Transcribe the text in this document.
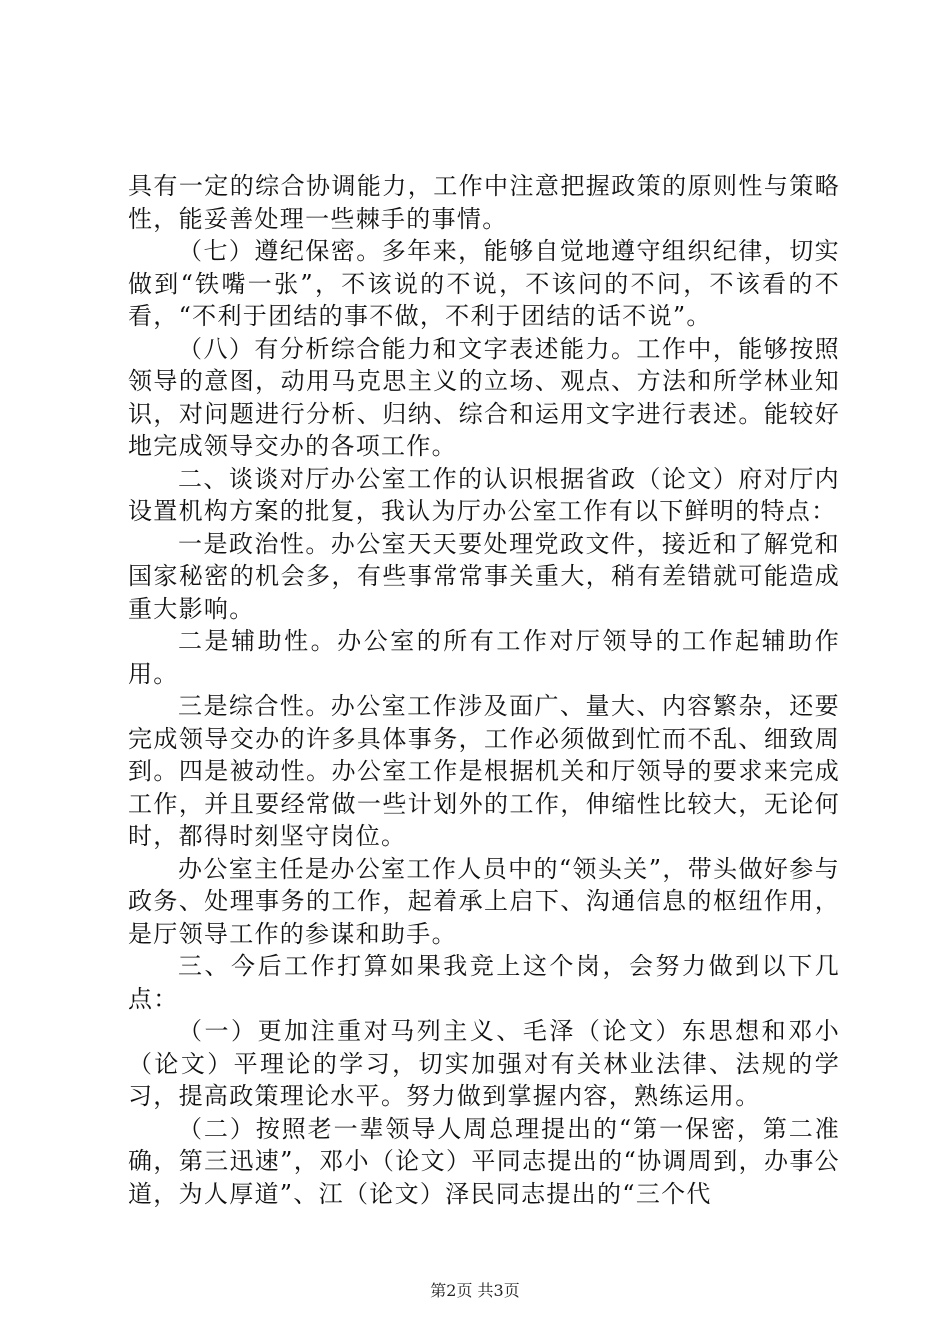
具有一定的综合协调能力，工作中注意把握政策的原则性与策略性，能妥善处理一些棘手的事情。

（七）遵纪保密。多年来，能够自觉地遵守组织纪律，切实做到“铁嘴一张”，不该说的不说，不该问的不问，不该看的不看，“不利于团结的事不做，不利于团结的话不说”。

（八）有分析综合能力和文字表述能力。工作中，能够按照领导的意图，动用马克思主义的立场、观点、方法和所学林业知识，对问题进行分析、归纳、综合和运用文字进行表述。能较好地完成领导交办的各项工作。

二、谈谈对厅办公室工作的认识根据省政（论文）府对厅内设置机构方案的批复，我认为厅办公室工作有以下鲜明的特点：

一是政治性。办公室天天要处理党政文件，接近和了解党和国家秘密的机会多，有些事常常事关重大，稍有差错就可能造成重大影响。

二是辅助性。办公室的所有工作对厅领导的工作起辅助作用。

三是综合性。办公室工作涉及面广、量大、内容繁杂，还要完成领导交办的许多具体事务，工作必须做到忙而不乱、细致周到。四是被动性。办公室工作是根据机关和厅领导的要求来完成工作，并且要经常做一些计划外的工作，伸缩性比较大，无论何时，都得时刻坚守岗位。

办公室主任是办公室工作人员中的“领头关”，带头做好参与政务、处理事务的工作，起着承上启下、沟通信息的枢纽作用，是厅领导工作的参谋和助手。

三、今后工作打算如果我竞上这个岗，会努力做到以下几点：

（一）更加注重对马列主义、毛泽（论文）东思想和邓小（论文）平理论的学习，切实加强对有关林业法律、法规的学习，提高政策理论水平。努力做到掌握内容，熟练运用。

（二）按照老一辈领导人周总理提出的“第一保密，第二准确，第三迅速”，邓小（论文）平同志提出的“协调周到，办事公道，为人厚道”、江（论文）泽民同志提出的“三个代

第2页 共3页
